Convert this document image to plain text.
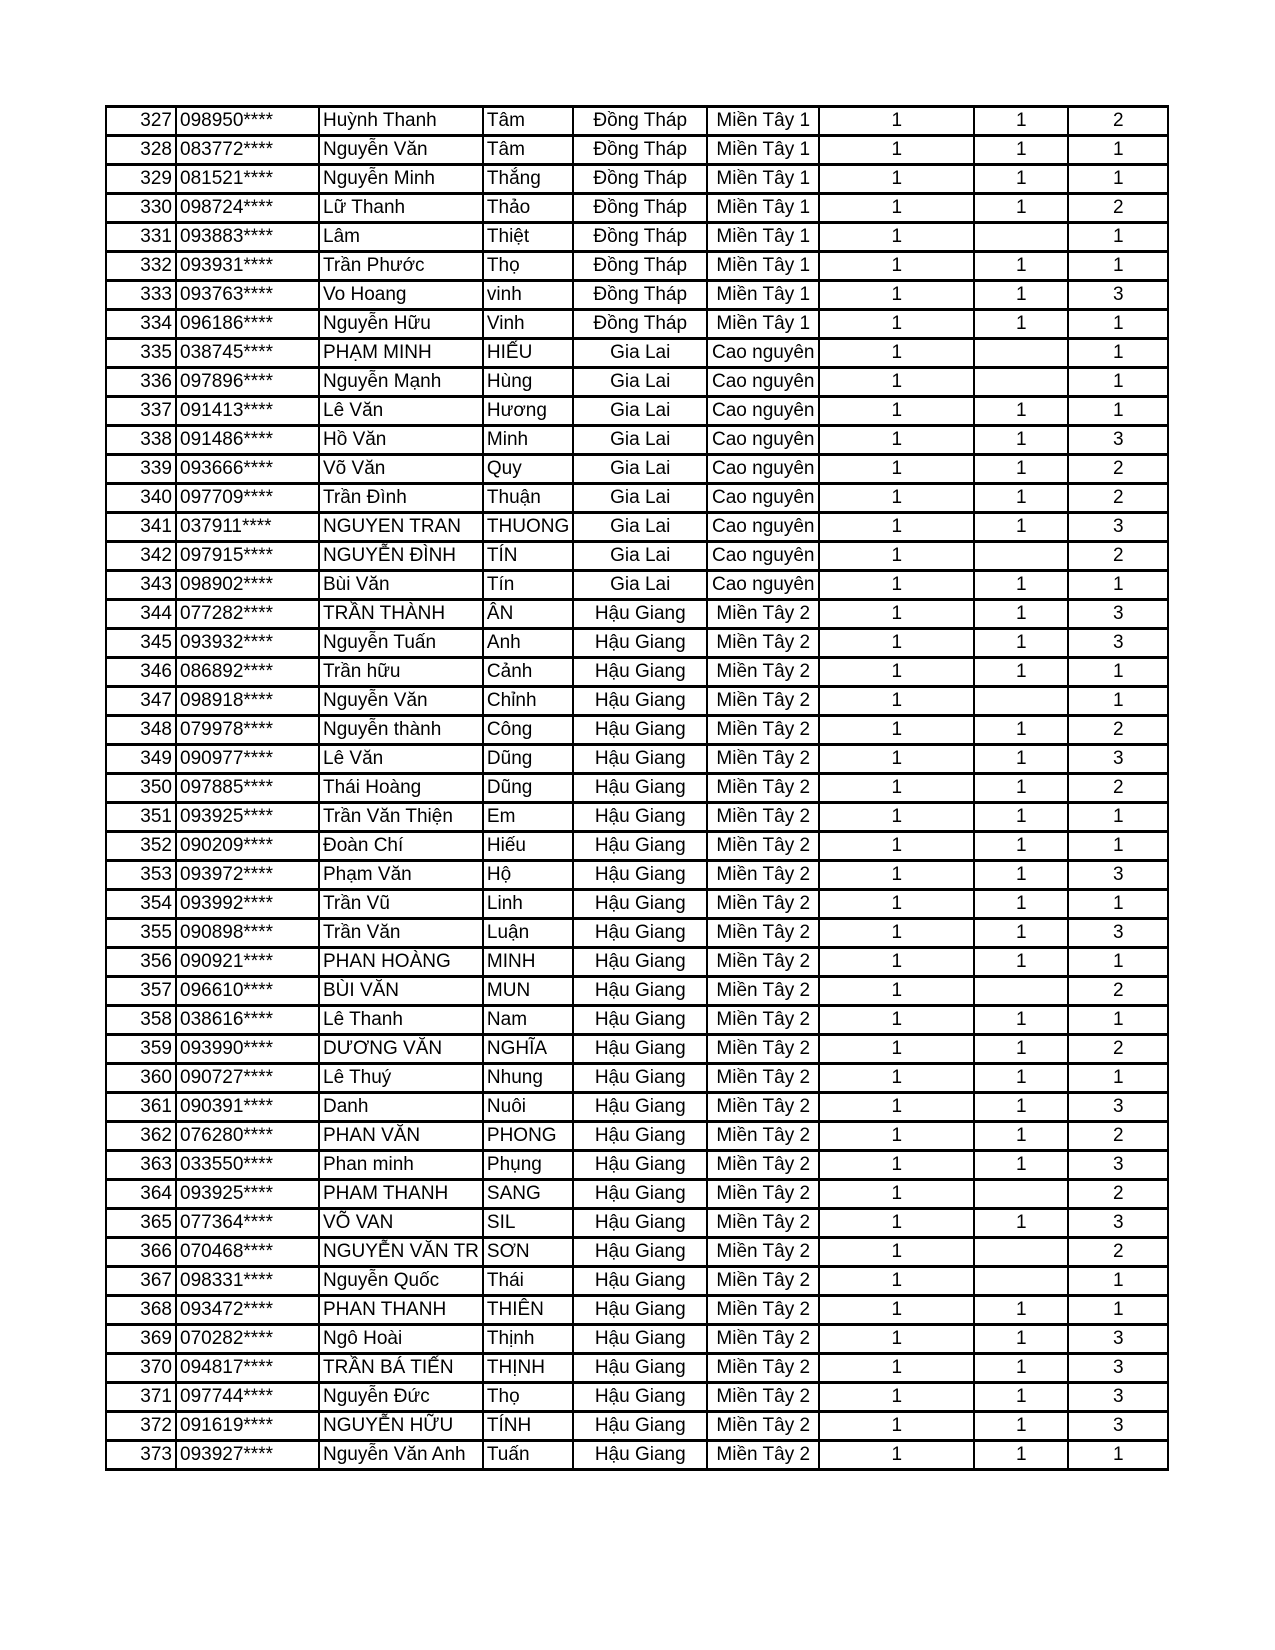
327	098950****	Huỳnh Thanh	Tâm	Đồng Tháp	Miền Tây 1	1	1	2
328	083772****	Nguyễn Văn	Tâm	Đồng Tháp	Miền Tây 1	1	1	1
329	081521****	Nguyễn Minh	Thắng	Đồng Tháp	Miền Tây 1	1	1	1
330	098724****	Lữ Thanh	Thảo	Đồng Tháp	Miền Tây 1	1	1	2
331	093883****	Lâm	Thiệt	Đồng Tháp	Miền Tây 1	1		1
332	093931****	Trần Phước	Thọ	Đồng Tháp	Miền Tây 1	1	1	1
333	093763****	Vo Hoang	vinh	Đồng Tháp	Miền Tây 1	1	1	3
334	096186****	Nguyễn Hữu	Vinh	Đồng Tháp	Miền Tây 1	1	1	1
335	038745****	PHẠM MINH	HIẾU	Gia Lai	Cao nguyên	1		1
336	097896****	Nguyễn Mạnh	Hùng	Gia Lai	Cao nguyên	1		1
337	091413****	Lê Văn	Hương	Gia Lai	Cao nguyên	1	1	1
338	091486****	Hồ Văn	Minh	Gia Lai	Cao nguyên	1	1	3
339	093666****	Võ Văn	Quy	Gia Lai	Cao nguyên	1	1	2
340	097709****	Trần Đình	Thuận	Gia Lai	Cao nguyên	1	1	2
341	037911****	NGUYEN TRAN	THUONG	Gia Lai	Cao nguyên	1	1	3
342	097915****	NGUYỄN ĐÌNH	TÍN	Gia Lai	Cao nguyên	1		2
343	098902****	Bùi Văn	Tín	Gia Lai	Cao nguyên	1	1	1
344	077282****	TRẦN THÀNH	ÂN	Hậu Giang	Miền Tây 2	1	1	3
345	093932****	Nguyễn Tuấn	Anh	Hậu Giang	Miền Tây 2	1	1	3
346	086892****	Trần hữu	Cảnh	Hậu Giang	Miền Tây 2	1	1	1
347	098918****	Nguyễn Văn	Chỉnh	Hậu Giang	Miền Tây 2	1		1
348	079978****	Nguyễn thành	Công	Hậu Giang	Miền Tây 2	1	1	2
349	090977****	Lê Văn	Dũng	Hậu Giang	Miền Tây 2	1	1	3
350	097885****	Thái Hoàng	Dũng	Hậu Giang	Miền Tây 2	1	1	2
351	093925****	Trần Văn Thiện	Em	Hậu Giang	Miền Tây 2	1	1	1
352	090209****	Đoàn Chí	Hiếu	Hậu Giang	Miền Tây 2	1	1	1
353	093972****	Phạm Văn	Hộ	Hậu Giang	Miền Tây 2	1	1	3
354	093992****	Trần Vũ	Linh	Hậu Giang	Miền Tây 2	1	1	1
355	090898****	Trần Văn	Luận	Hậu Giang	Miền Tây 2	1	1	3
356	090921****	PHAN HOÀNG	MINH	Hậu Giang	Miền Tây 2	1	1	1
357	096610****	BÙI VĂN	MUN	Hậu Giang	Miền Tây 2	1		2
358	038616****	Lê Thanh	Nam	Hậu Giang	Miền Tây 2	1	1	1
359	093990****	DƯƠNG VĂN	NGHĨA	Hậu Giang	Miền Tây 2	1	1	2
360	090727****	Lê Thuý	Nhung	Hậu Giang	Miền Tây 2	1	1	1
361	090391****	Danh	Nuôi	Hậu Giang	Miền Tây 2	1	1	3
362	076280****	PHAN VĂN	PHONG	Hậu Giang	Miền Tây 2	1	1	2
363	033550****	Phan minh	Phụng	Hậu Giang	Miền Tây 2	1	1	3
364	093925****	PHAM THANH	SANG	Hậu Giang	Miền Tây 2	1		2
365	077364****	VÕ VAN	SIL	Hậu Giang	Miền Tây 2	1	1	3
366	070468****	NGUYỄN VĂN TR	SƠN	Hậu Giang	Miền Tây 2	1		2
367	098331****	Nguyễn Quốc	Thái	Hậu Giang	Miền Tây 2	1		1
368	093472****	PHAN THANH	THIÊN	Hậu Giang	Miền Tây 2	1	1	1
369	070282****	Ngô Hoài	Thịnh	Hậu Giang	Miền Tây 2	1	1	3
370	094817****	TRẦN BÁ TIẾN	THỊNH	Hậu Giang	Miền Tây 2	1	1	3
371	097744****	Nguyễn Đức	Thọ	Hậu Giang	Miền Tây 2	1	1	3
372	091619****	NGUYỄN HỮU	TÍNH	Hậu Giang	Miền Tây 2	1	1	3
373	093927****	Nguyễn Văn Anh	Tuấn	Hậu Giang	Miền Tây 2	1	1	1
